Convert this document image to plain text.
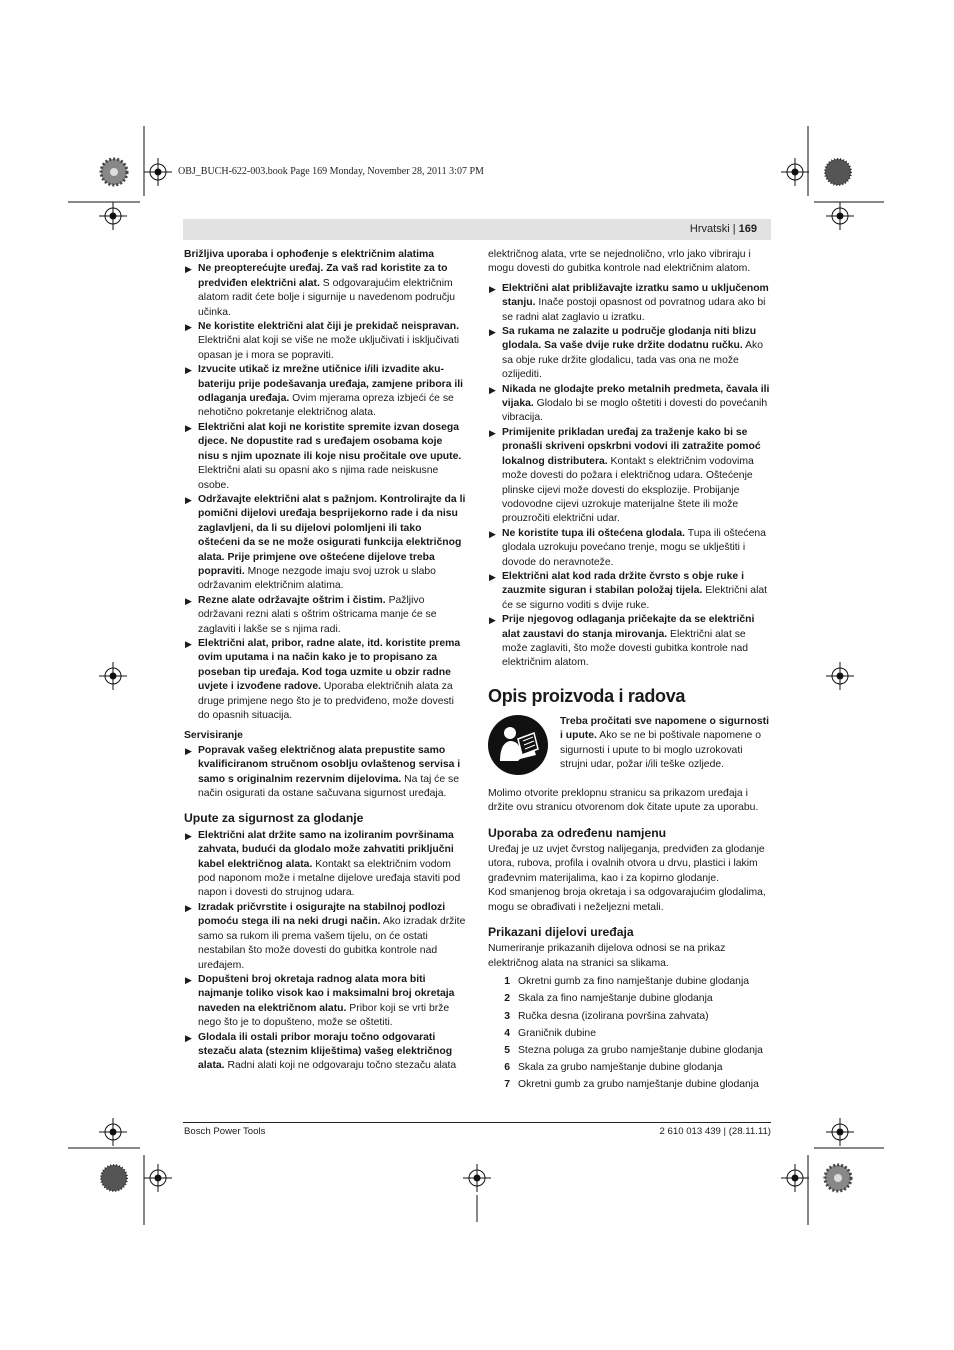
OBJ_BUCH-622-003.book Page 169 Monday, November 28, 2011 3:07 PM
Hrvatski | 169

Brižljiva uporaba i ophođenje s električnim alatima

▶ Ne preopterećujte uređaj. Za vaš rad koristite za to predviđen električni alat. S odgovarajućim električnim alatom radit ćete bolje i sigurnije u navedenom području učinka.

▶ Ne koristite električni alat čiji je prekidač neispravan. Električni alat koji se više ne može uključivati i isključivati opasan je i mora se popraviti.

▶ Izvucite utikač iz mrežne utičnice i/ili izvadite aku-bateriju prije podešavanja uređaja, zamjene pribora ili odlaganja uređaja. Ovim mjerama opreza izbjeći će se nehotično pokretanje električnog alata.

▶ Električni alat koji ne koristite spremite izvan dosega djece. Ne dopustite rad s uređajem osobama koje nisu s njim upoznate ili koje nisu pročitale ove upute. Električni alati su opasni ako s njima rade neiskusne osobe.

▶ Održavajte električni alat s pažnjom. Kontrolirajte da li pomični dijelovi uređaja besprijekorno rade i da nisu zaglavljeni, da li su dijelovi polomljeni ili tako oštećeni da se ne može osigurati funkcija električnog alata. Prije primjene ove oštećene dijelove treba popraviti. Mnoge nezgode imaju svoj uzrok u slabo održavanim električnim alatima.

▶ Rezne alate održavajte oštrim i čistim. Pažljivo održavani rezni alati s oštrim oštricama manje će se zaglaviti i lakše se s njima radi.

▶ Električni alat, pribor, radne alate, itd. koristite prema ovim uputama i na način kako je to propisano za poseban tip uređaja. Kod toga uzmite u obzir radne uvjete i izvođene radove. Uporaba električnih alata za druge primjene nego što je to predviđeno, može dovesti do opasnih situacija.

Servisiranje

▶ Popravak vašeg električnog alata prepustite samo kvalificiranom stručnom osoblju ovlaštenog servisa i samo s originalnim rezervnim dijelovima. Na taj će se način osigurati da ostane sačuvana sigurnost uređaja.

Upute za sigurnost za glodanje

▶ Električni alat držite samo na izoliranim površinama zahvata, budući da glodalo može zahvatiti priključni kabel električnog alata. Kontakt sa električnim vodom pod naponom može i metalne dijelove uređaja staviti pod napon i dovesti do strujnog udara.

▶ Izradak pričvrstite i osigurajte na stabilnoj podlozi pomoću stega ili na neki drugi način. Ako izradak držite samo sa rukom ili prema vašem tijelu, on će ostati nestabilan što može dovesti do gubitka kontrole nad uređajem.

▶ Dopušteni broj okretaja radnog alata mora biti najmanje toliko visok kao i maksimalni broj okretaja naveden na električnom alatu. Pribor koji se vrti brže nego što je to dopušteno, može se oštetiti.

▶ Glodala ili ostali pribor moraju točno odgovarati stezaču alata (steznim kliještima) vašeg električnog alata. Radni alati koji ne odgovaraju točno stezaču alata

električnog alata, vrte se nejednolično, vrlo jako vibriraju i mogu dovesti do gubitka kontrole nad električnim alatom.

▶ Električni alat približavajte izratku samo u uključenom stanju. Inače postoji opasnost od povratnog udara ako bi se radni alat zaglavio u izratku.

▶ Sa rukama ne zalazite u područje glodanja niti blizu glodala. Sa vaše dvije ruke držite dodatnu ručku. Ako sa obje ruke držite glodalicu, tada vas ona ne može ozlijediti.

▶ Nikada ne glodajte preko metalnih predmeta, čavala ili vijaka. Glodalo bi se moglo oštetiti i dovesti do povećanih vibracija.

▶ Primijenite prikladan uređaj za traženje kako bi se pronašli skriveni opskrbni vodovi ili zatražite pomoć lokalnog distributera. Kontakt s električnim vodovima može dovesti do požara i električnog udara. Oštećenje plinske cijevi može dovesti do eksplozije. Probijanje vodovodne cijevi uzrokuje materijalne štete ili može prouzročiti električni udar.

▶ Ne koristite tupa ili oštećena glodala. Tupa ili oštećena glodala uzrokuju povećano trenje, mogu se uklještiti i dovode do neravnoteže.

▶ Električni alat kod rada držite čvrsto s obje ruke i zauzmite siguran i stabilan položaj tijela. Električni alat će se sigurno voditi s dvije ruke.

▶ Prije njegovog odlaganja pričekajte da se električni alat zaustavi do stanja mirovanja. Električni alat se može zaglaviti, što može dovesti gubitka kontrole nad električnim alatom.

Opis proizvoda i radova

Treba pročitati sve napomene o sigurnosti i upute. Ako se ne bi poštivale napomene o sigurnosti i upute to bi moglo uzrokovati strujni udar, požar i/ili teške ozljede.

Molimo otvorite preklopnu stranicu sa prikazom uređaja i držite ovu stranicu otvorenom dok čitate upute za uporabu.

Uporaba za određenu namjenu

Uređaj je uz uvjet čvrstog nalijeganja, predviđen za glodanje utora, rubova, profila i ovalnih otvora u drvu, plastici i lakim građevnim materijalima, kao i za kopirno glodanje.

Kod smanjenog broja okretaja i sa odgovarajućim glodalima, mogu se obrađivati i neželjezni metali.

Prikazani dijelovi uređaja

Numeriranje prikazanih dijelova odnosi se na prikaz električnog alata na stranici sa slikama.

1 Okretni gumb za fino namještanje dubine glodanja
2 Skala za fino namještanje dubine glodanja
3 Ručka desna (izolirana površina zahvata)
4 Graničnik dubine
5 Stezna poluga za grubo namještanje dubine glodanja
6 Skala za grubo namještanje dubine glodanja
7 Okretni gumb za grubo namještanje dubine glodanja
Bosch Power Tools	2 610 013 439 | (28.11.11)
